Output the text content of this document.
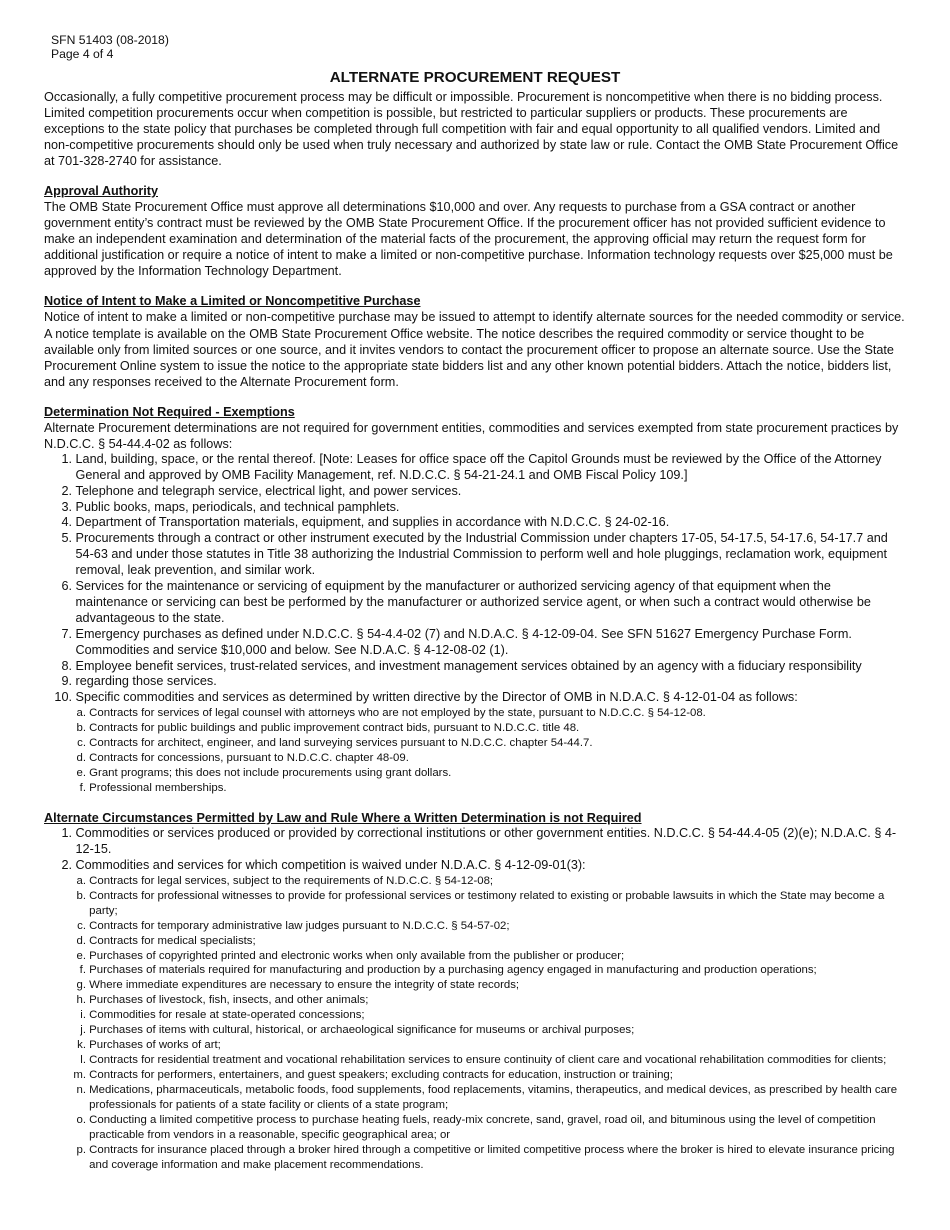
SFN 51403 (08-2018)
Page 4 of 4
ALTERNATE PROCUREMENT REQUEST

Occasionally, a fully competitive procurement process may be difficult or impossible. Procurement is noncompetitive when there is no bidding process. Limited competition procurements occur when competition is possible, but restricted to particular suppliers or products. These procurements are exceptions to the state policy that purchases be completed through full competition with fair and equal opportunity to all qualified vendors. Limited and non-competitive procurements should only be used when truly necessary and authorized by state law or rule. Contact the OMB State Procurement Office at 701-328-2740 for assistance.

Approval Authority

The OMB State Procurement Office must approve all determinations $10,000 and over. Any requests to purchase from a GSA contract or another government entity’s contract must be reviewed by the OMB State Procurement Office. If the procurement officer has not provided sufficient evidence to make an independent examination and determination of the material facts of the procurement, the approving official may return the request form for additional justification or require a notice of intent to make a limited or non-competitive purchase. Information technology requests over $25,000 must be approved by the Information Technology Department.

Notice of Intent to Make a Limited or Noncompetitive Purchase

Notice of intent to make a limited or non-competitive purchase may be issued to attempt to identify alternate sources for the needed commodity or service. A notice template is available on the OMB State Procurement Office website. The notice describes the required commodity or service thought to be available only from limited sources or one source, and it invites vendors to contact the procurement officer to propose an alternate source. Use the State Procurement Online system to issue the notice to the appropriate state bidders list and any other known potential bidders. Attach the notice, bidders list, and any responses received to the Alternate Procurement form.

Determination Not Required - Exemptions

Alternate Procurement determinations are not required for government entities, commodities and services exempted from state procurement practices by N.D.C.C. § 54-44.4-02 as follows:

1.
Land, building, space, or the rental thereof. [Note: Leases for office space off the Capitol Grounds must be reviewed by the Office of the Attorney General and approved by OMB Facility Management, ref. N.D.C.C. § 54-21-24.1 and OMB Fiscal Policy 109.]
2.
Telephone and telegraph service, electrical light, and power services.
3.
Public books, maps, periodicals, and technical pamphlets.
4.
Department of Transportation materials, equipment, and supplies in accordance with N.D.C.C. § 24-02-16.
5.
Procurements through a contract or other instrument executed by the Industrial Commission under chapters 17-05, 54-17.5, 54-17.6, 54-17.7 and 54-63 and under those statutes in Title 38 authorizing the Industrial Commission to perform well and hole pluggings, reclamation work, equipment removal, leak prevention, and similar work.
6.
Services for the maintenance or servicing of equipment by the manufacturer or authorized servicing agency of that equipment when the maintenance or servicing can best be performed by the manufacturer or authorized service agent, or when such a contract would otherwise be advantageous to the state.
7.
Emergency purchases as defined under N.D.C.C. § 54-4.4-02 (7) and N.D.A.C. § 4-12-09-04. See SFN 51627 Emergency Purchase Form. Commodities and service $10,000 and below. See N.D.A.C. § 4-12-08-02 (1).
8.
Employee benefit services, trust-related services, and investment management services obtained by an agency with a fiduciary responsibility
9.
regarding those services.
10.
Specific commodities and services as determined by written directive by the Director of OMB in N.D.A.C. § 4-12-01-04 as follows:
a.
Contracts for services of legal counsel with attorneys who are not employed by the state, pursuant to N.D.C.C. § 54-12-08.
b.
Contracts for public buildings and public improvement contract bids, pursuant to N.D.C.C. title 48.
c.
Contracts for architect, engineer, and land surveying services pursuant to N.D.C.C. chapter 54-44.7.
d.
Contracts for concessions, pursuant to N.D.C.C. chapter 48-09.
e.
Grant programs; this does not include procurements using grant dollars.
f.
Professional memberships.
Alternate Circumstances Permitted by Law and Rule Where a Written Determination is not Required
1.
Commodities or services produced or provided by correctional institutions or other government entities. N.D.C.C. § 54-44.4-05 (2)(e); N.D.A.C. § 4-12-15.
2.
Commodities and services for which competition is waived under N.D.A.C. § 4-12-09-01(3):
a.
Contracts for legal services, subject to the requirements of N.D.C.C. § 54-12-08;
b.
Contracts for professional witnesses to provide for professional services or testimony related to existing or probable lawsuits in which the State may become a party;
c.
Contracts for temporary administrative law judges pursuant to N.D.C.C. § 54-57-02;
d.
Contracts for medical specialists;
e.
Purchases of copyrighted printed and electronic works when only available from the publisher or producer;
f.
Purchases of materials required for manufacturing and production by a purchasing agency engaged in manufacturing and production operations;
g.
Where immediate expenditures are necessary to ensure the integrity of state records;
h.
Purchases of livestock, fish, insects, and other animals;
i.
Commodities for resale at state-operated concessions;
j.
Purchases of items with cultural, historical, or archaeological significance for museums or archival purposes;
k.
Purchases of works of art;
l.
Contracts for residential treatment and vocational rehabilitation services to ensure continuity of client care and vocational rehabilitation commodities for clients;
m.
Contracts for performers, entertainers, and guest speakers; excluding contracts for education, instruction or training;
n.
Medications, pharmaceuticals, metabolic foods, food supplements, food replacements, vitamins, therapeutics, and medical devices, as prescribed by health care professionals for patients of a state facility or clients of a state program;
o.
Conducting a limited competitive process to purchase heating fuels, ready-mix concrete, sand, gravel, road oil, and bituminous using the level of competition practicable from vendors in a reasonable, specific geographical area; or
p.
Contracts for insurance placed through a broker hired through a competitive or limited competitive process where the broker is hired to elevate insurance pricing and coverage information and make placement recommendations.
